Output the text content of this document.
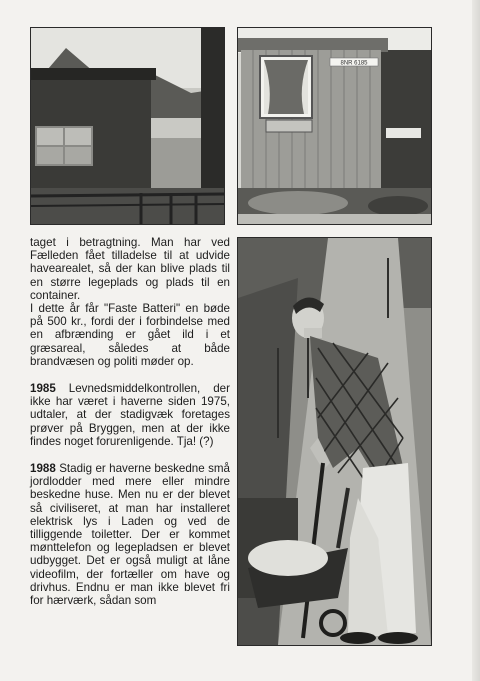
8NR 6185

taget i betragtning. Man har ved Fælleden fået tilladelse til at udvide havearealet, så der kan blive plads til en større legeplads og plads til en container.

I dette år får "Faste Batteri" en bøde på 500 kr., fordi der i forbindelse med en afbrænding er gået ild i et græsareal, således at både brandvæsen og politi møder op.

1985 Levnedsmiddelkontrollen, der ikke har været i haverne siden 1975, udtaler, at der stadigvæk foretages prøver på Bryggen, men at der ikke findes noget forurenligende. Tja! (?)

1988 Stadig er haverne beskedne små jordlodder med mere eller mindre beskedne huse. Men nu er der blevet så civiliseret, at man har installeret elektrisk lys i Laden og ved de tilliggende toiletter. Der er kommet mønttelefon og legepladsen er blevet udbygget. Det er også muligt at låne videofilm, der fortæller om have og drivhus. Endnu er man ikke blevet fri for hærværk, sådan som
